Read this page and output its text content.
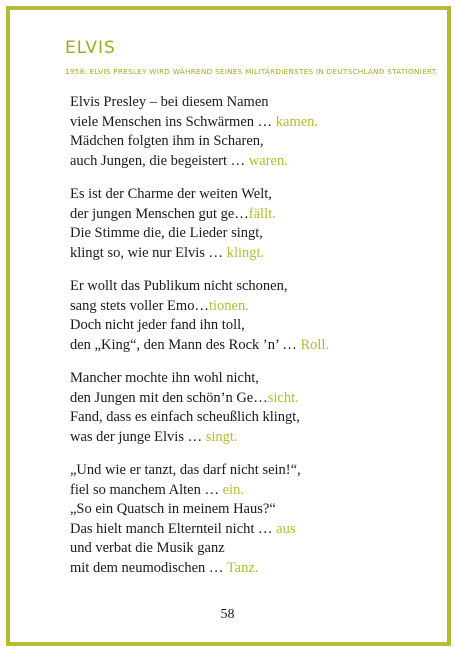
ELVIS

1958: ELVIS PRESLEY WIRD WÄHREND SEINES MILITÄRDIENSTES IN DEUTSCHLAND STATIONIERT.

Elvis Presley – bei diesem Namen
viele Menschen ins Schwärmen … kamen.
Mädchen folgten ihm in Scharen,
auch Jungen, die begeistert … waren.
Es ist der Charme der weiten Welt,
der jungen Menschen gut ge…fällt.
Die Stimme die, die Lieder singt,
klingt so, wie nur Elvis … klingt.
Er wollt das Publikum nicht schonen,
sang stets voller Emo…tionen.
Doch nicht jeder fand ihn toll,
den „King“, den Mann des Rock ’n’ … Roll.
Mancher mochte ihn wohl nicht,
den Jungen mit den schön’n Ge…sicht.
Fand, dass es einfach scheußlich klingt,
was der junge Elvis … singt.
„Und wie er tanzt, das darf nicht sein!“,
fiel so manchem Alten … ein.
„So ein Quatsch in meinem Haus?“
Das hielt manch Elternteil nicht … aus
und verbat die Musik ganz
mit dem neumodischen … Tanz.
58
